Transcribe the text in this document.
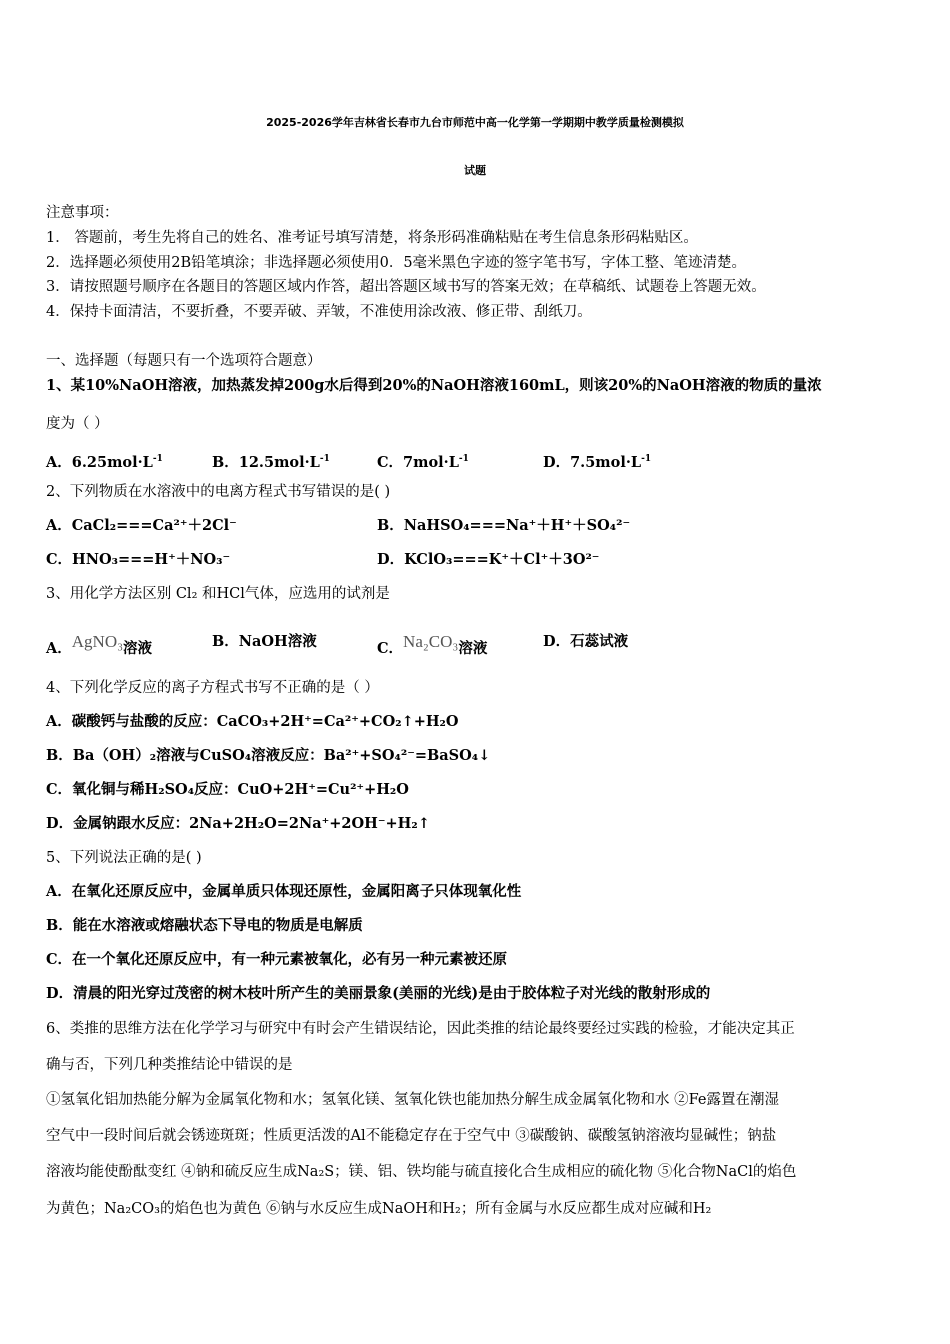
2025-2026学年吉林省长春市九台市师范中高一化学第一学期期中教学质量检测模拟
试题
注意事项：
1． 答题前，考生先将自己的姓名、准考证号填写清楚，将条形码准确粘贴在考生信息条形码粘贴区。
2．选择题必须使用2B铅笔填涂；非选择题必须使用0．5毫米黑色字迹的签字笔书写，字体工整、笔迹清楚。
3．请按照题号顺序在各题目的答题区域内作答，超出答题区域书写的答案无效；在草稿纸、试题卷上答题无效。
4．保持卡面清洁，不要折叠，不要弄破、弄皱，不准使用涂改液、修正带、刮纸刀。
一、选择题（每题只有一个选项符合题意）
1、某10%NaOH溶液，加热蒸发掉200g水后得到20%的NaOH溶液160mL，则该20%的NaOH溶液的物质的量浓
度为（ ）
A．$6.25mol\cdot L^{-1}$	B．$12.5mol\cdot L^{-1}$	C．$7mol\cdot L^{-1}$	D．$7.5mol\cdot L^{-1}$
2、下列物质在水溶液中的电离方程式书写错误的是( )
A．CaCl₂===Ca²⁺＋2Cl⁻	B．NaHSO₄===Na⁺＋H⁺＋SO₄²⁻
C．HNO₃===H⁺＋NO₃⁻	D．KClO₃===K⁺＋Cl⁺＋3O²⁻
3、用化学方法区别 Cl₂ 和HCl气体，应选用的试剂是
A．AgNO₃溶液	B．NaOH溶液	C．Na₂CO₃溶液	D．石蕊试液
4、下列化学反应的离子方程式书写不正确的是（ ）
A．碳酸钙与盐酸的反应：CaCO₃+2H⁺=Ca²⁺+CO₂↑+H₂O
B．Ba（OH）₂溶液与CuSO₄溶液反应：Ba²⁺+SO₄²⁻=BaSO₄↓
C．氧化铜与稀H₂SO₄反应：CuO+2H⁺=Cu²⁺+H₂O
D．金属钠跟水反应：2Na+2H₂O=2Na⁺+2OH⁻+H₂↑
5、下列说法正确的是( )
A．在氧化还原反应中，金属单质只体现还原性，金属阳离子只体现氧化性
B．能在水溶液或熔融状态下导电的物质是电解质
C．在一个氧化还原反应中，有一种元素被氧化，必有另一种元素被还原
D．清晨的阳光穿过茂密的树木枝叶所产生的美丽景象(美丽的光线)是由于胶体粒子对光线的散射形成的
6、类推的思维方法在化学学习与研究中有时会产生错误结论，因此类推的结论最终要经过实践的检验，才能决定其正
确与否，下列几种类推结论中错误的是
①氢氧化铝加热能分解为金属氧化物和水；氢氧化镁、氢氧化铁也能加热分解生成金属氧化物和水 ②Fe露置在潮湿
空气中一段时间后就会锈迹斑斑；性质更活泼的Al不能稳定存在于空气中 ③碳酸钠、碳酸氢钠溶液均显碱性；钠盐
溶液均能使酚酞变红 ④钠和硫反应生成Na₂S；镁、铝、铁均能与硫直接化合生成相应的硫化物 ⑤化合物NaCl的焰色
为黄色；Na₂CO₃的焰色也为黄色 ⑥钠与水反应生成NaOH和H₂；所有金属与水反应都生成对应碱和H₂
